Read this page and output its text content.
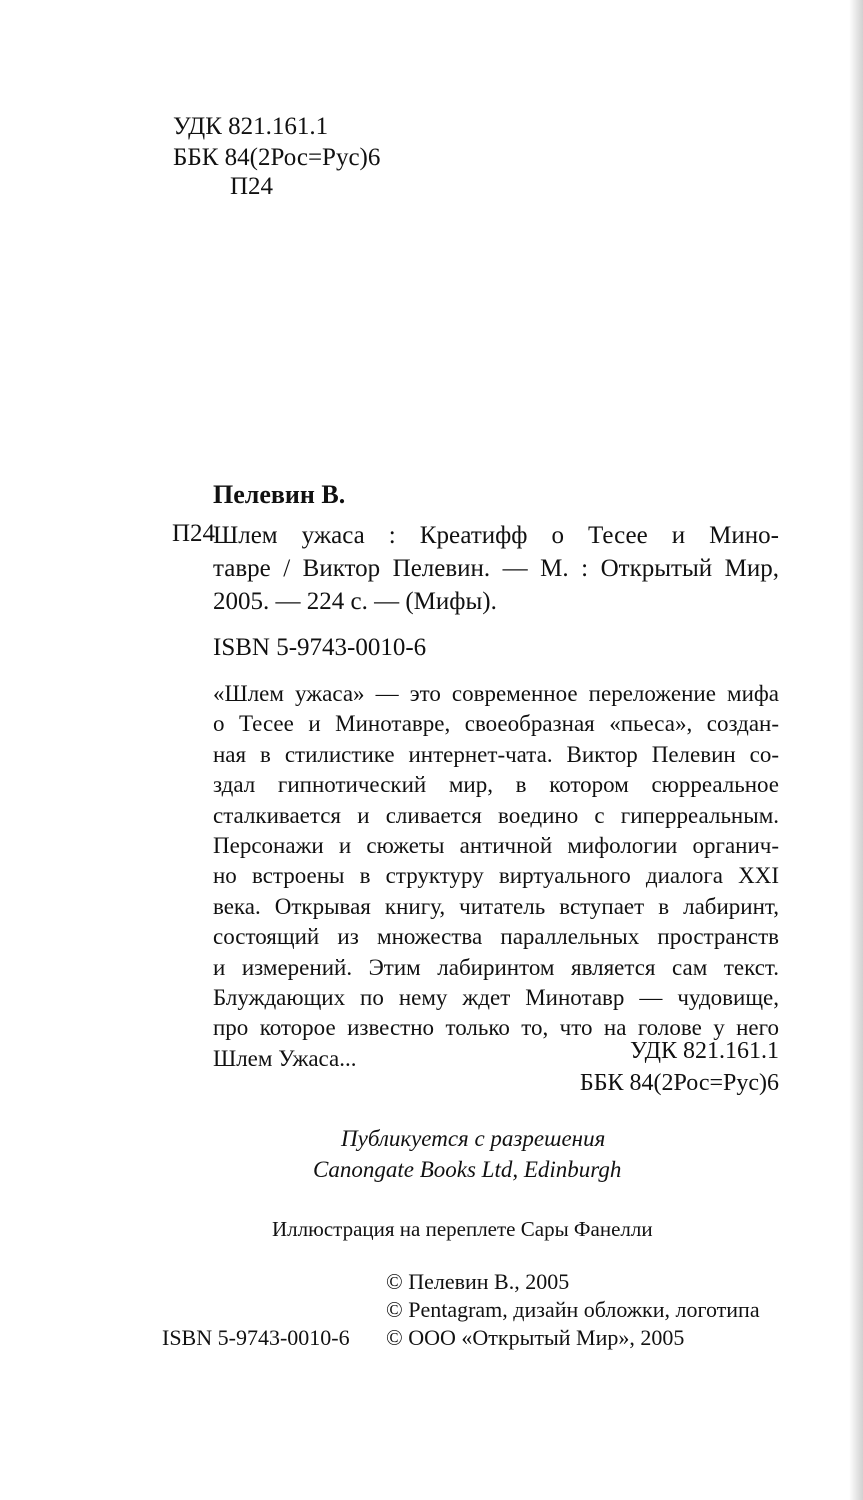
УДК 821.161.1
ББК 84(2Рос=Рус)6
П24
Пелевин В.
П24
Шлем ужаса : Креатифф о Тесее и Мино-
тавре / Виктор Пелевин. — М. : Открытый Мир,
2005. — 224 с. — (Мифы).
ISBN 5-9743-0010-6
«Шлем ужаса» — это современное переложение мифа
о Тесее и Минотавре, своеобразная «пьеса», создан-
ная в стилистике интернет-чата. Виктор Пелевин со-
здал гипнотический мир, в котором сюрреальное
сталкивается и сливается воедино с гиперреальным.
Персонажи и сюжеты античной мифологии органич-
но встроены в структуру виртуального диалога XXI
века. Открывая книгу, читатель вступает в лабиринт,
состоящий из множества параллельных пространств
и измерений. Этим лабиринтом является сам текст.
Блуждающих по нему ждет Минотавр — чудовище,
про которое известно только то, что на голове у него
Шлем Ужаса...	УДК 821.161.1
ББК 84(2Рос=Рус)6
Публикуется с разрешения
Canongate Books Ltd, Edinburgh
Иллюстрация на переплете Сары Фанелли
© Пелевин В., 2005
© Pentagram, дизайн обложки, логотипа
ISBN 5-9743-0010-6 © ООО «Открытый Мир», 2005
